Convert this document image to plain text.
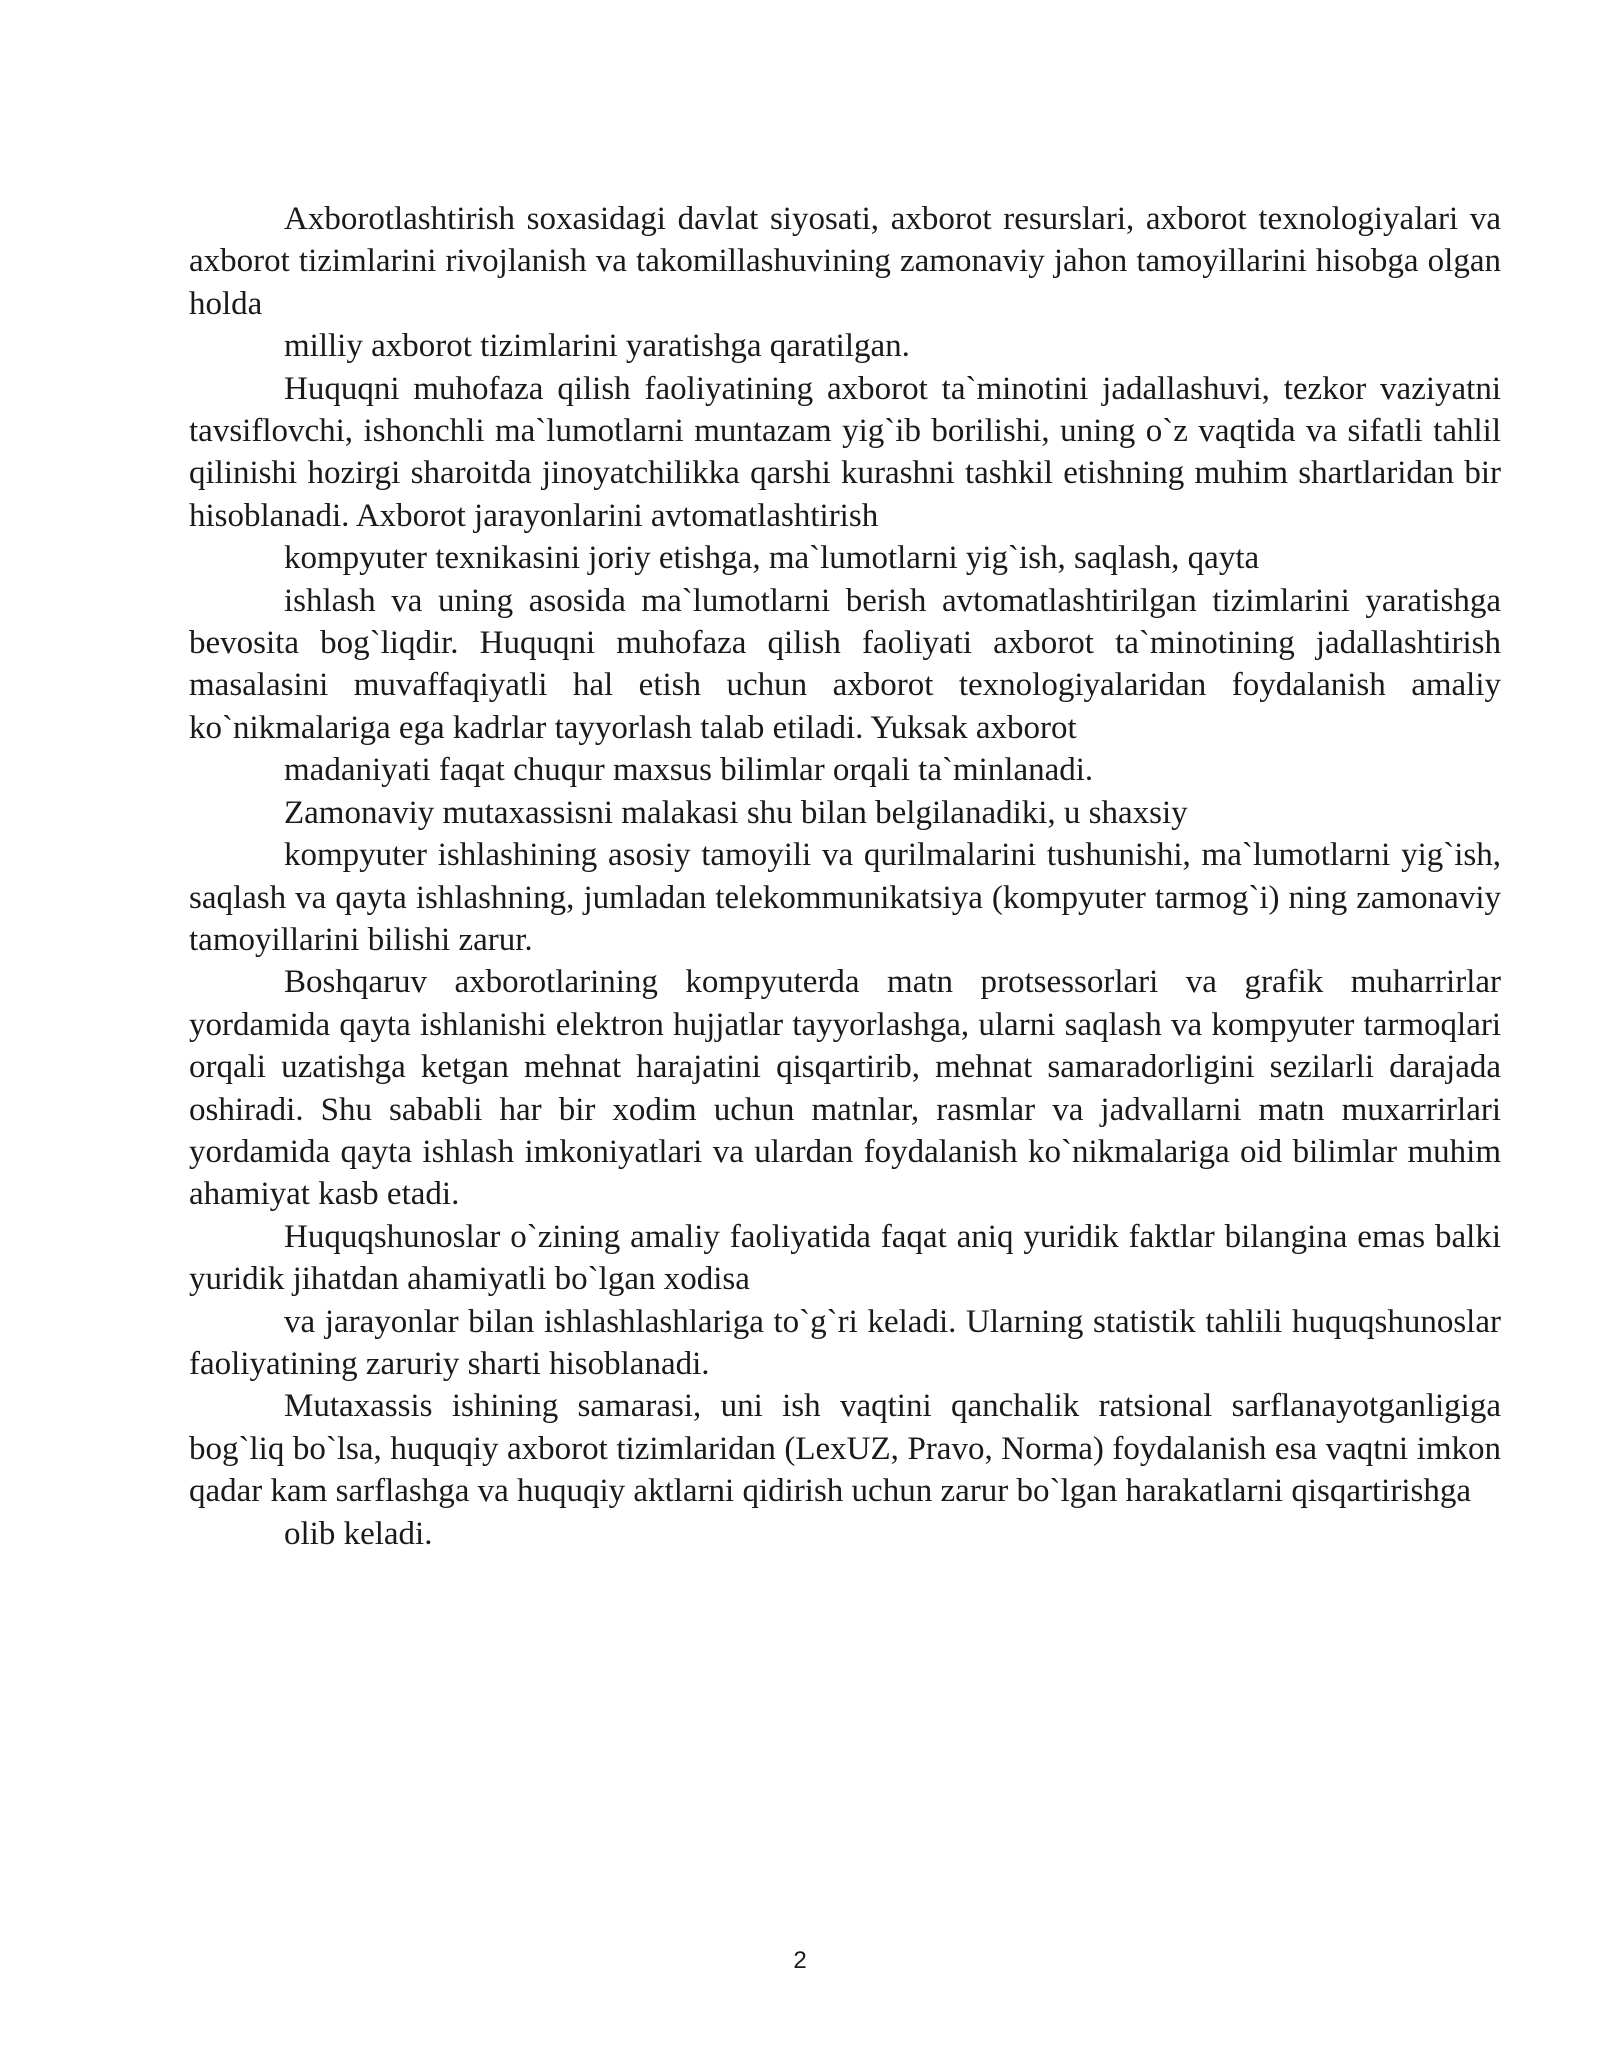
Axborotlashtirish soxasidagi davlat siyosati, axborot resurslari, axborot texnologiyalari va axborot tizimlarini rivojlanish va takomillashuvining zamonaviy jahon tamoyillarini hisobga olgan holda

milliy axborot tizimlarini yaratishga qaratilgan.

Huquqni muhofaza qilish faoliyatining axborot ta`minotini jadallashuvi, tezkor vaziyatni tavsiflovchi, ishonchli ma`lumotlarni muntazam yig`ib borilishi, uning o`z vaqtida va sifatli tahlil qilinishi hozirgi sharoitda jinoyatchilikka qarshi kurashni tashkil etishning muhim shartlaridan bir hisoblanadi. Axborot jarayonlarini avtomatlashtirish

kompyuter texnikasini joriy etishga, ma`lumotlarni yig`ish, saqlash, qayta

ishlash va uning asosida ma`lumotlarni berish avtomatlashtirilgan tizimlarini yaratishga bevosita bog`liqdir. Huquqni muhofaza qilish faoliyati axborot ta`minotining jadallashtirish masalasini muvaffaqiyatli hal etish uchun axborot texnologiyalaridan foydalanish amaliy ko`nikmalariga ega kadrlar tayyorlash talab etiladi. Yuksak axborot

madaniyati faqat chuqur maxsus bilimlar orqali ta`minlanadi.

Zamonaviy mutaxassisni malakasi shu bilan belgilanadiki, u shaxsiy

kompyuter ishlashining asosiy tamoyili va qurilmalarini tushunishi, ma`lumotlarni yig`ish, saqlash va qayta ishlashning, jumladan telekommunikatsiya (kompyuter tarmog`i) ning zamonaviy tamoyillarini bilishi zarur.

Boshqaruv axborotlarining kompyuterda matn protsessorlari va grafik muharrirlar yordamida qayta ishlanishi elektron hujjatlar tayyorlashga, ularni saqlash va kompyuter tarmoqlari orqali uzatishga ketgan mehnat harajatini qisqartirib, mehnat samaradorligini sezilarli darajada oshiradi. Shu sababli har bir xodim uchun matnlar, rasmlar va jadvallarni matn muxarrirlari yordamida qayta ishlash imkoniyatlari va ulardan foydalanish ko`nikmalariga oid bilimlar muhim ahamiyat kasb etadi.

Huquqshunoslar o`zining amaliy faoliyatida faqat aniq yuridik faktlar bilangina emas balki yuridik jihatdan ahamiyatli bo`lgan xodisa

va jarayonlar bilan ishlashlashlariga to`g`ri keladi. Ularning statistik tahlili huquqshunoslar faoliyatining zaruriy sharti hisoblanadi.

Mutaxassis ishining samarasi, uni ish vaqtini qanchalik ratsional sarflanayotganligiga bog`liq bo`lsa, huquqiy axborot tizimlaridan (LexUZ, Pravo, Norma) foydalanish esa vaqtni imkon qadar kam sarflashga va huquqiy aktlarni qidirish uchun zarur bo`lgan harakatlarni qisqartirishga

olib keladi.

2
